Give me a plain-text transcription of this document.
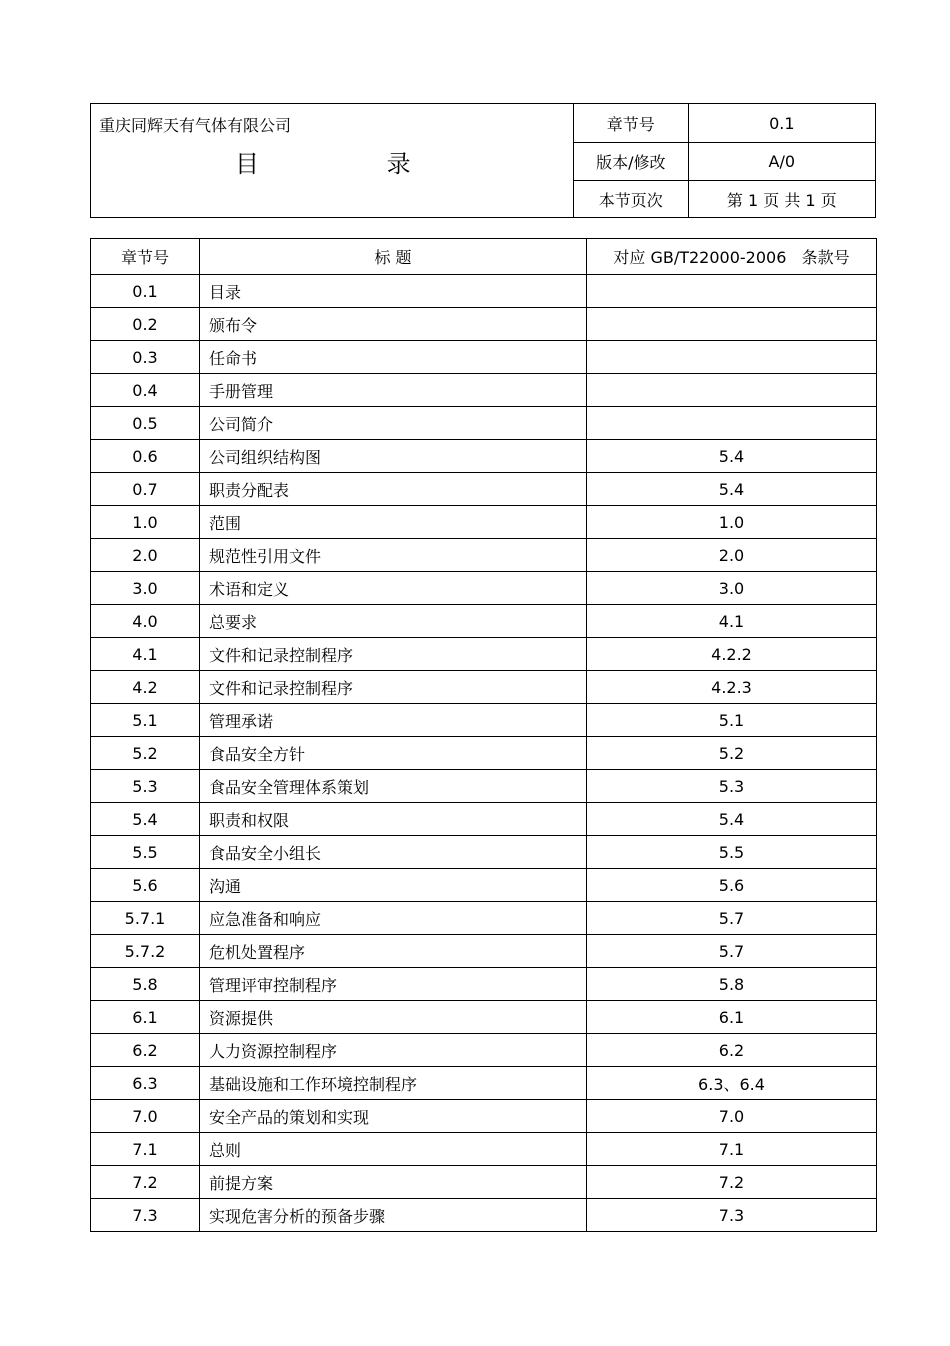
重庆同辉天有气体有限公司
目 录
章节号	0.1
版本/修改	A/0
本节页次	第 1 页 共 1 页
章节号	标 题	对应 GB/T22000-2006   条款号
0.1	目录	
0.2	颁布令	
0.3	任命书	
0.4	手册管理	
0.5	公司简介	
0.6	公司组织结构图	5.4
0.7	职责分配表	5.4
1.0	范围	1.0
2.0	规范性引用文件	2.0
3.0	术语和定义	3.0
4.0	总要求	4.1
4.1	文件和记录控制程序	4.2.2
4.2	文件和记录控制程序	4.2.3
5.1	管理承诺	5.1
5.2	食品安全方针	5.2
5.3	食品安全管理体系策划	5.3
5.4	职责和权限	5.4
5.5	食品安全小组长	5.5
5.6	沟通	5.6
5.7.1	应急准备和响应	5.7
5.7.2	危机处置程序	5.7
5.8	管理评审控制程序	5.8
6.1	资源提供	6.1
6.2	人力资源控制程序	6.2
6.3	基础设施和工作环境控制程序	6.3、6.4
7.0	安全产品的策划和实现	7.0
7.1	总则	7.1
7.2	前提方案	7.2
7.3	实现危害分析的预备步骤	7.3
